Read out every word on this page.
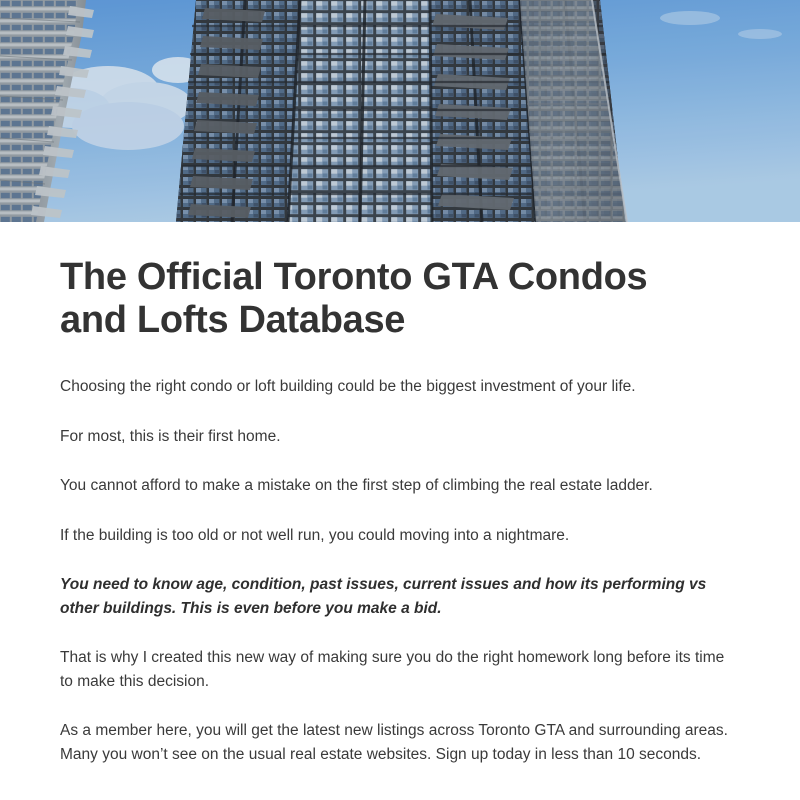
The Official Toronto GTA Condos and Lofts Database

Choosing the right condo or loft building could be the biggest investment of your life.

For most, this is their first home.

You cannot afford to make a mistake on the first step of climbing the real estate ladder.

If the building is too old or not well run, you could moving into a nightmare.

You need to know age, condition, past issues, current issues and how its performing vs other buildings. This is even before you make a bid.

That is why I created this new way of making sure you do the right homework long before its time to make this decision.

As a member here, you will get the latest new listings across Toronto GTA and surrounding areas. Many you won’t see on the usual real estate websites. Sign up today in less than 10 seconds.
